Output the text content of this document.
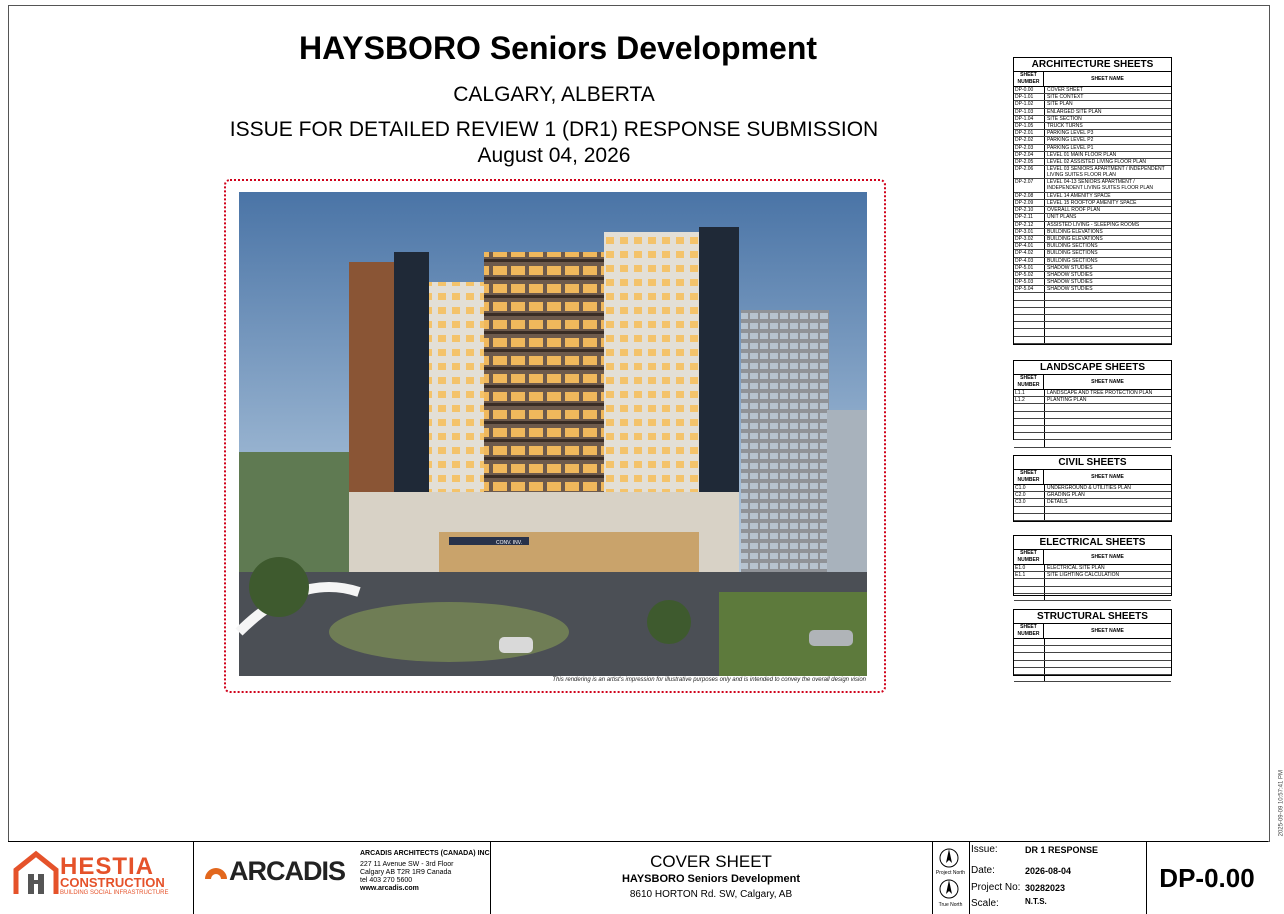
HAYSBORO Seniors Development
CALGARY, ALBERTA
ISSUE FOR DETAILED REVIEW 1 (DR1) RESPONSE SUBMISSION
August 04, 2026
CONV. INV.
This rendering is an artist's impression for illustrative purposes only and is intended to convey the overall design vision
ARCHITECTURE SHEETS
SHEET NUMBER	SHEET NAME
DP-0.00	COVER SHEET
DP-1.01	SITE CONTEXT
DP-1.02	SITE PLAN
DP-1.03	ENLARGED SITE PLAN
DP-1.04	SITE SECTION
DP-1.05	TRUCK TURNS
DP-2.01	PARKING LEVEL P3
DP-2.02	PARKING LEVEL P2
DP-2.03	PARKING LEVEL P1
DP-2.04	LEVEL 01 MAIN FLOOR PLAN
DP-2.05	LEVEL 02 ASSISTED LIVING FLOOR PLAN
DP-2.06	LEVEL 03 SENIORS APARTMENT / INDEPENDENT LIVING SUITES FLOOR PLAN
DP-2.07	LEVEL 04-13 SENIORS APARTMENT / INDEPENDENT LIVING SUITES FLOOR PLAN
DP-2.08	LEVEL 14 AMENITY SPACE
DP-2.09	LEVEL 15 ROOFTOP AMENITY SPACE
DP-2.10	OVERALL ROOF PLAN
DP-2.11	UNIT PLANS
DP-2.12	ASSISTED LIVING - SLEEPING ROOMS
DP-3.01	BUILDING ELEVATIONS
DP-3.02	BUILDING ELEVATIONS
DP-4.01	BUILDING SECTIONS
DP-4.02	BUILDING SECTIONS
DP-4.03	BUILDING SECTIONS
DP-5.01	SHADOW STUDIES
DP-5.02	SHADOW STUDIES
DP-5.03	SHADOW STUDIES
DP-5.04	SHADOW STUDIES
LANDSCAPE SHEETS
SHEET NUMBER	SHEET NAME
L1.1	LANDSCAPE AND TREE PROTECTION PLAN
L1.2	PLANTING PLAN
CIVIL SHEETS
SHEET NUMBER	SHEET NAME
C1.0	UNDERGROUND & UTILITIES PLAN
C2.0	GRADING PLAN
C3.0	DETAILS
ELECTRICAL SHEETS
SHEET NUMBER	SHEET NAME
E1.0	ELECTRICAL SITE PLAN
E1.1	SITE LIGHTING CALCULATION
STRUCTURAL SHEETS
SHEET NUMBER	SHEET NAME
2025-09-09 10:57:41 PM
HESTIA
CONSTRUCTION
BUILDING SOCIAL INFRASTRUCTURE
ARCADIS
ARCADIS ARCHITECTS (CANADA) INC
227 11 Avenue SW - 3rd Floor
Calgary AB T2R 1R9 Canada
tel 403 270 5600
www.arcadis.com
COVER SHEET
HAYSBORO Seniors Development
8610 HORTON Rd. SW, Calgary, AB
Project North
True North
Issue:	DR 1 RESPONSE
Date:	2026-08-04
Project No: 30282023
Scale:	N.T.S.
DP-0.00
